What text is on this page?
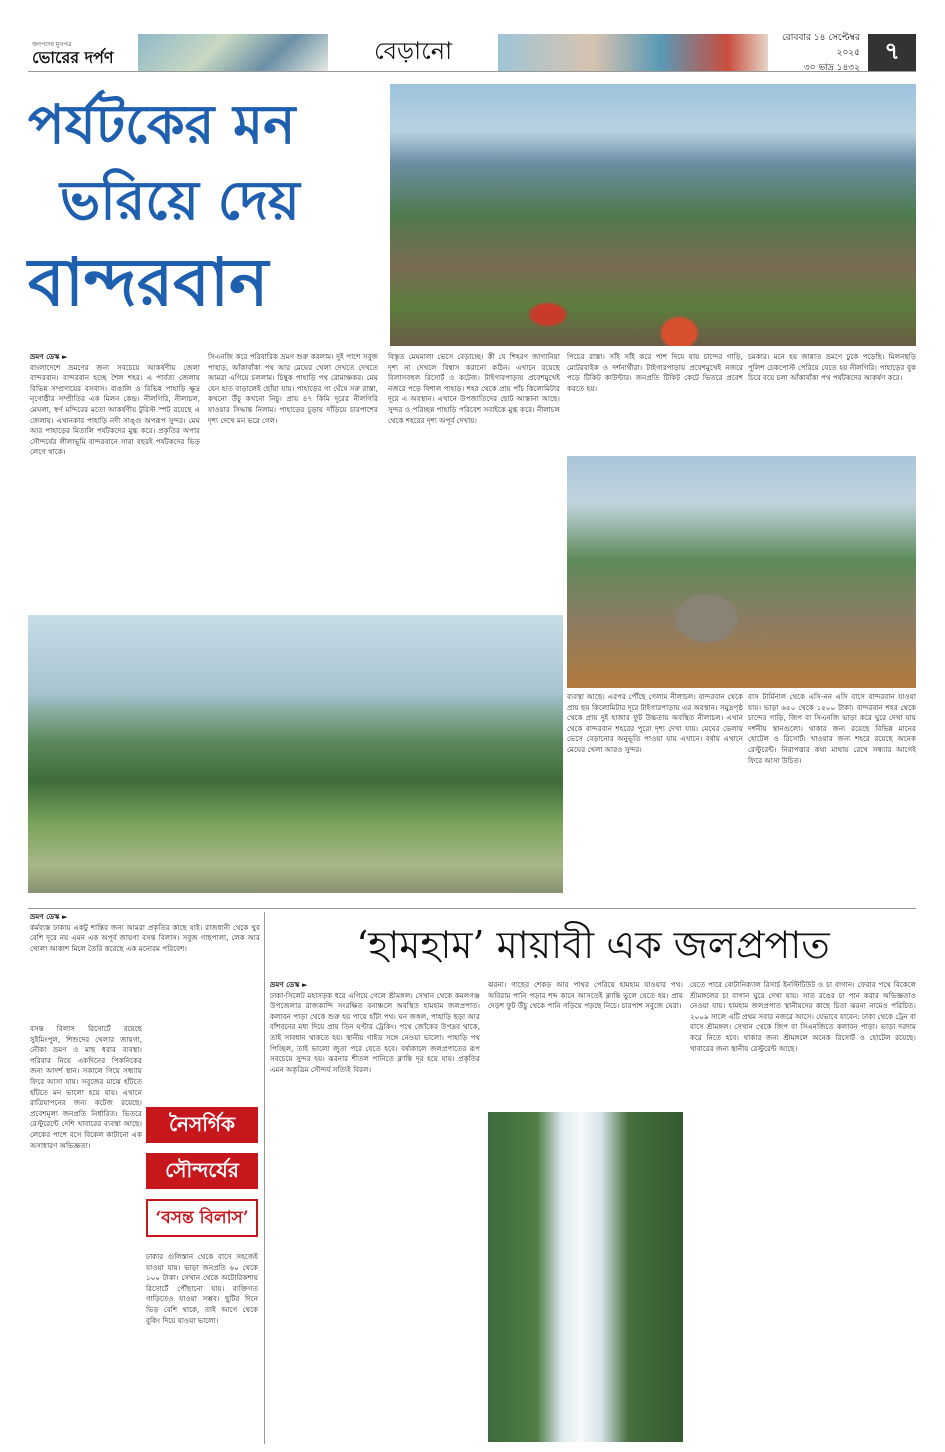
জনপদের মুখপত্র
ভোরের দর্পণ	বেড়ানো	রোববার ১৪ সেপ্টেম্বর ২০২৫
৩০ ভাদ্র ১৪৩২
৭
পর্যটকের মন
ভরিয়ে দেয়
বান্দরবান
ভ্রমণ ডেস্ক ►
বাংলাদেশে ভ্রমণের জন্য সবচেয়ে আকর্ষণীয় জেলা বান্দরবান। বান্দরবান হচ্ছে শৈল শহর। এ পার্বত্য জেলায় বিভিন্ন সম্প্রদায়ের বসবাস। বাঙালি ও বিভিন্ন পাহাড়ি ক্ষুদ্র নৃগোষ্ঠীর সম্প্রীতির এক মিলন কেন্দ্র। নীলগিরি, নীলাচল, মেঘলা, স্বর্ণ মন্দিরের মতো আকর্ষণীয় টুরিস্ট স্পট রয়েছে এ জেলায়। এখানকার পাহাড়ি নদী সাঙ্গু অপরূপ সুন্দর। মেঘ আর পাহাড়ের মিতালি পর্যটকদের মুগ্ধ করে। প্রকৃতির অপার সৌন্দর্যের লীলাভূমি বান্দরবানে সারা বছরই পর্যটকদের ভিড় লেগে থাকে।
সিএনজি করে পরিবারিক ভ্রমণ শুরু করলাম। দুই পাশে সবুজ পাহাড়, আঁকাবাঁকা পথ আর মেঘের খেলা দেখতে দেখতে আমরা এগিয়ে চললাম। চিম্বুক পাহাড়ি পথ রোমাঞ্চকর। মেঘ যেন হাত বাড়ালেই ছোঁয়া যায়। পাহাড়ের গা ঘেঁষে সরু রাস্তা, কখনো উঁচু কখনো নিচু। প্রায় ৪৭ কিমি দূরের নীলগিরি যাওয়ার সিদ্ধান্ত নিলাম। পাহাড়ের চূড়ায় দাঁড়িয়ে চারপাশের দৃশ্য দেখে মন ভরে গেল।
বিস্তৃত মেঘমালা ভেসে বেড়াচ্ছে। কী যে শিহরণ জাগানিয়া দৃশ্য না দেখলে বিশ্বাস করানো কঠিন। এখানে রয়েছে বিলাসবহুল রিসোর্ট ও কটেজ। টাইগারপাড়ায় প্রবেশমুখেই নজরে পড়ে বিশাল পাহাড়। শহর থেকে প্রায় পাঁচ কিলোমিটার দূরে এ অবস্থান। এখানে উপজাতিদের ছোট আস্তানা আছে। সুন্দর ও পরিচ্ছন্ন পাহাড়ি পরিবেশ সবাইকে মুগ্ধ করে। নীলাচল থেকে শহরের দৃশ্য অপূর্ব দেখায়।
পিচের রাস্তা। সাঁই সাঁই করে পাশ দিয়ে যায় চান্দের গাড়ি, মোটরবাইক ও দর্শনার্থীরা। টাইগারপাড়ায় প্রবেশমুখেই নজরে পড়ে টিকিট কাউন্টার। জনপ্রতি টিকিট কেটে ভিতরে প্রবেশ করতে হয়।
চমকার। মনে হয় জান্নাত ভ্রমণে ঢুকে পড়েছি। মিলনছড়ি পুলিশ চেকপোস্ট পেরিয়ে যেতে হয় নীলগিরি। পাহাড়ের বুক চিরে বয়ে চলা আঁকাবাঁকা পথ পর্যটকদের আকর্ষণ করে।
ব্যবস্থা আছে। এরপর পৌঁছে গেলাম নীলাচল। বান্দরবান থেকে প্রায় ছয় কিলোমিটার দূরে টাইগারপাড়ায় এর অবস্থান। সমুদ্রপৃষ্ঠ থেকে প্রায় দুই হাজার ফুট উচ্চতায় অবস্থিত নীলাচল। এখান থেকে বান্দরবান শহরের পুরো দৃশ্য দেখা যায়। মেঘের ভেলায় ভেসে বেড়ানোর অনুভূতি পাওয়া যায় এখানে। বর্ষায় এখানে মেঘের খেলা আরও সুন্দর।
বাস টার্মিনাল থেকে এসি-নন এসি বাসে বান্দরবান যাওয়া যায়। ভাড়া ৬৫০ থেকে ১৫০০ টাকা। বান্দরবান শহর থেকে চান্দের গাড়ি, জিপ বা সিএনজি ভাড়া করে ঘুরে দেখা যায় দর্শনীয় স্থানগুলো। থাকার জন্য রয়েছে বিভিন্ন মানের হোটেল ও রিসোর্ট। খাওয়ার জন্য শহরে রয়েছে অনেক রেস্টুরেন্ট। নিরাপত্তার কথা মাথায় রেখে সন্ধ্যার আগেই ফিরে আসা উচিত।
ভ্রমণ ডেস্ক ►
কর্মব্যস্ত ঢাকায় একটু শান্তির জন্য আমরা প্রকৃতির কাছে যাই। রাজধানী থেকে খুব বেশি দূরে নয় এমন এক অপূর্ব জায়গা বসন্ত বিলাস। সবুজ গাছপালা, লেক আর খোলা আকাশ মিলে তৈরি করেছে এক মনোরম পরিবেশ।
বসন্ত বিলাস রিসোর্টে রয়েছে সুইমিংপুল, শিশুদের খেলার জায়গা, নৌকা ভ্রমণ ও মাছ ধরার ব্যবস্থা। পরিবার নিয়ে একদিনের পিকনিকের জন্য আদর্শ স্থান। সকালে গিয়ে সন্ধ্যায় ফিরে আসা যায়। সবুজের মাঝে হাঁটতে হাঁটতে মন ভালো হয়ে যায়। এখানে রাত্রিযাপনের জন্য কটেজ রয়েছে। প্রবেশমূল্য জনপ্রতি নির্ধারিত। ভিতরে রেস্টুরেন্টে দেশি খাবারের ব্যবস্থা আছে। লেকের পাশে বসে বিকেল কাটানো এক অসাধারণ অভিজ্ঞতা।
নৈসর্গিক
সৌন্দর্যের
‘বসন্ত বিলাস’
ঢাকার গুলিস্তান থেকে বাসে সহজেই যাওয়া যায়। ভাড়া জনপ্রতি ৬০ থেকে ১০০ টাকা। সেখান থেকে অটোরিকশায় রিসোর্টে পৌঁছানো যায়। ব্যক্তিগত গাড়িতেও যাওয়া সম্ভব। ছুটির দিনে ভিড় বেশি থাকে, তাই আগে থেকে বুকিং দিয়ে যাওয়া ভালো।
‘হামহাম’ মায়াবী এক জলপ্রপাত
ভ্রমণ ডেস্ক ►
ঢাকা-সিলেট মহাসড়ক ধরে এগিয়ে গেলে শ্রীমঙ্গল। সেখান থেকে কমলগঞ্জ উপজেলার রাজকান্দি সংরক্ষিত বনাঞ্চলে অবস্থিত হামহাম জলপ্রপাত। কলাবন পাড়া থেকে শুরু হয় পায়ে হাঁটা পথ। ঘন জঙ্গল, পাহাড়ি ছড়া আর বাঁশবনের মধ্য দিয়ে প্রায় তিন ঘণ্টার ট্রেকিং। পথে জোঁকের উপদ্রব থাকে, তাই সাবধান থাকতে হয়। স্থানীয় গাইড সঙ্গে নেওয়া ভালো। পাহাড়ি পথ পিচ্ছিল, তাই ভালো জুতা পরে যেতে হবে। বর্ষাকালে জলপ্রপাতের রূপ সবচেয়ে সুন্দর হয়। ঝরনার শীতল পানিতে ক্লান্তি দূর হয়ে যায়। প্রকৃতির এমন অকৃত্রিম সৌন্দর্য সত্যিই বিরল।
ঝরনা। গাছের শেকড় আর পাথর পেরিয়ে হামহাম যাওয়ার পথ। অবিরাম পানি পড়ার শব্দ কানে আসতেই ক্লান্তি ভুলে যেতে হয়। প্রায় দেড়শ ফুট উঁচু থেকে পানি গড়িয়ে পড়ছে নিচে। চারপাশ সবুজে ঘেরা।
যেতে পারে বোটানিক্যাল রিসার্চ ইনস্টিটিউট ও চা বাগান। ফেরার পথে বিকেলে শ্রীমঙ্গলের চা বাগান ঘুরে দেখা যায়। সাত রঙের চা পান করার অভিজ্ঞতাও নেওয়া যায়। হামহাম জলপ্রপাত স্থানীয়দের কাছে চিতা ঝরনা নামেও পরিচিত। ২০০৯ সালে এটি প্রথম সবার নজরে আসে। যেভাবে যাবেন: ঢাকা থেকে ট্রেন বা বাসে শ্রীমঙ্গল। সেখান থেকে জিপ বা সিএনজিতে কলাবন পাড়া। ভাড়া দরদাম করে নিতে হবে। থাকার জন্য শ্রীমঙ্গলে অনেক রিসোর্ট ও হোটেল রয়েছে। খাবারের জন্য স্থানীয় রেস্টুরেন্ট আছে।
